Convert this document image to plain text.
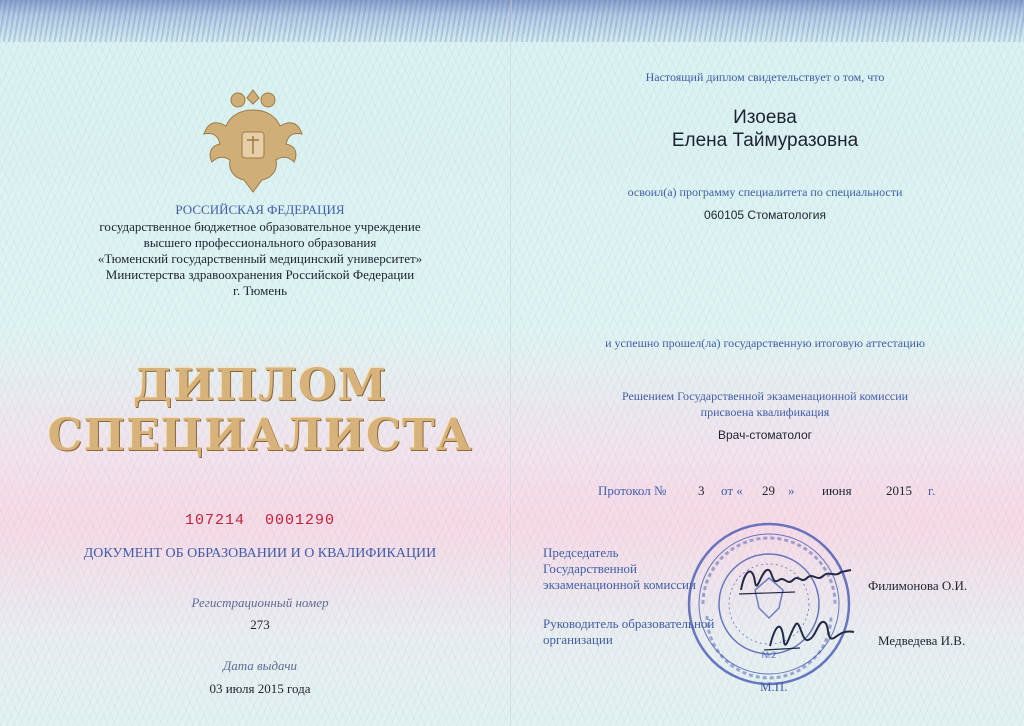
РОССИЙСКАЯ ФЕДЕРАЦИЯ
государственное бюджетное образовательное учреждение
высшего профессионального образования
«Тюменский государственный медицинский университет»
Министерства здравоохранения Российской Федерации
г. Тюмень
ДИПЛОМ
СПЕЦИАЛИСТА
107214  0001290
ДОКУМЕНТ ОБ ОБРАЗОВАНИИ И О КВАЛИФИКАЦИИ
Регистрационный номер
273
Дата выдачи
03 июля 2015 года
Настоящий диплом свидетельствует о том, что
Изоева
Елена Таймуразовна
освоил(а) программу специалитета по специальности
060105 Стоматология
и успешно прошел(ла) государственную итоговую аттестацию
Решением Государственной экзаменационной комиссии
присвоена квалификация
Врач-стоматолог
Протокол № 3 от « 29 » июня	2015 г.
№2
Председатель
Государственной
экзаменационной комиссии	Филимонова О.И.
Руководитель образовательной
организации	Медведева И.В.
М.П.
